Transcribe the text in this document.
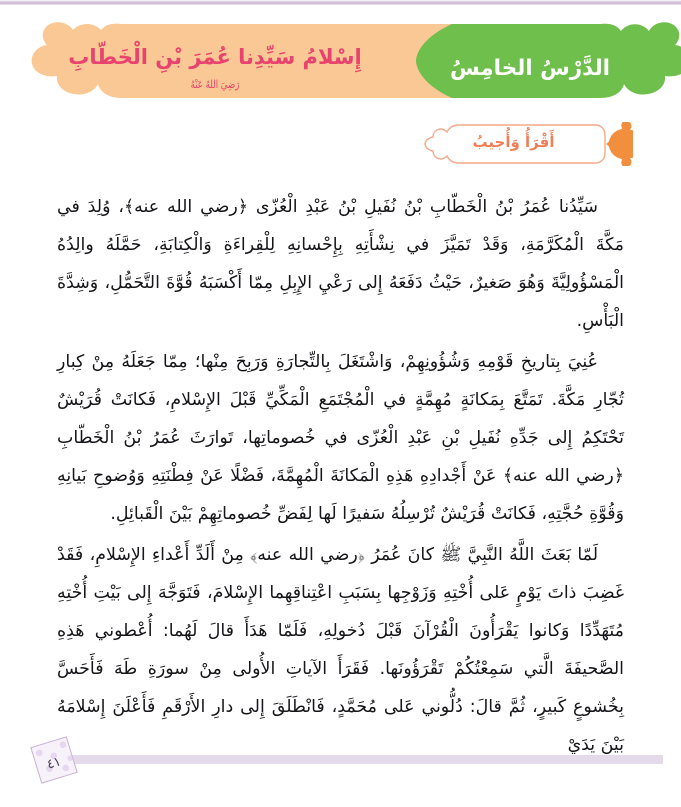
الدَّرْسُ الخامِسُ
إِسْلامُ سَيِّدِنا عُمَرَ بْنِ الْخَطّابِ
رَضِيَ اللهُ عَنْهُ
أَقْرَأُ وَأُجيبُ

سَيِّدُنا عُمَرُ بْنُ الْخَطّابِ بْنُ نُفَيلِ بْنُ عَبْدِ الْعُزّى ﴿رضي الله عنه﴾، وُلِدَ في مَكَّةَ الْمُكَرَّمَةِ، وَقَدْ تَمَيَّزَ في نِشْأَتِهِ بِإِحْسانِهِ لِلْقِراءَةِ وَالْكِتابَةِ، حَمَّلَهُ والِدُهُ الْمَسْؤُولِيَّةَ وَهُوَ صَغيرٌ، حَيْثُ دَفَعَهُ إِلى رَعْيِ الإِبِلِ مِمّا أَكْسَبَهُ قُوَّةَ التَّحَمُّلِ، وَشِدَّةَ الْبَأْسِ.

عُنِيَ بِتاريخِ قَوْمِهِ وَشُؤُونِهِمْ، وَاشْتَغَلَ بِالتِّجارَةِ وَرَبِحَ مِنْها؛ مِمّا جَعَلَهُ مِنْ كِبارِ تُجّارِ مَكَّةَ. تَمَتَّعَ بِمَكانَةٍ مُهِمَّةٍ في الْمُجْتَمَعِ الْمَكِّيِّ قَبْلَ الإِسْلامِ، فَكانَتْ قُرَيْشٌ تَحْتَكِمُ إِلى جَدِّهِ نُفَيلِ بْنِ عَبْدِ الْعُزّى في خُصوماتِها، تَوارَثَ عُمَرُ بْنُ الْخَطّابِ ﴿رضي الله عنه﴾ عَنْ أَجْدادِهِ هَذِهِ الْمَكانَةَ الْمُهِمَّةَ، فَضْلًا عَنْ فِطْنَتِهِ وَوُضوحِ بَيانِهِ وَقُوَّةِ حُجَّتِهِ، فَكانَتْ قُرَيْشٌ تُرْسِلُهُ سَفيرًا لَها لِفَضِّ خُصوماتِهِمْ بَيْنَ الْقَبائِلِ.

لَمّا بَعَثَ اللَّهُ النَّبِيَّ ﷺ كانَ عُمَرُ ﴿رضي الله عنه﴾ مِنْ أَلَدِّ أَعْداءِ الإِسْلامِ، فَقَدْ غَضِبَ ذاتَ يَوْمٍ عَلى أُخْتِهِ وَزَوْجِها بِسَبَبِ اعْتِناقِهِما الإِسْلامَ، فَتَوَجَّهَ إِلى بَيْتِ أُخْتِهِ مُتَهَدِّدًا وَكانوا يَقْرَأُونَ الْقُرْآنَ قَبْلَ دُخولِهِ، فَلَمّا هَدَأَ قالَ لَهُما: أُعْطوني هَذِهِ الصَّحيفَةَ الَّتي سَمِعْتُكُمْ تَقْرَؤُونَها. فَقَرَأَ الآياتِ الأُولى مِنْ سورَةِ طَهَ فَأَحَسَّ بِخُشوعٍ كَبيرٍ، ثُمَّ قالَ: دُلُّوني عَلى مُحَمَّدٍ، فَانْطَلَقَ إِلى دارِ الأَرْقَمِ فَأَعْلَنَ إِسْلامَهُ بَيْنَ يَدَيْ

٤١
